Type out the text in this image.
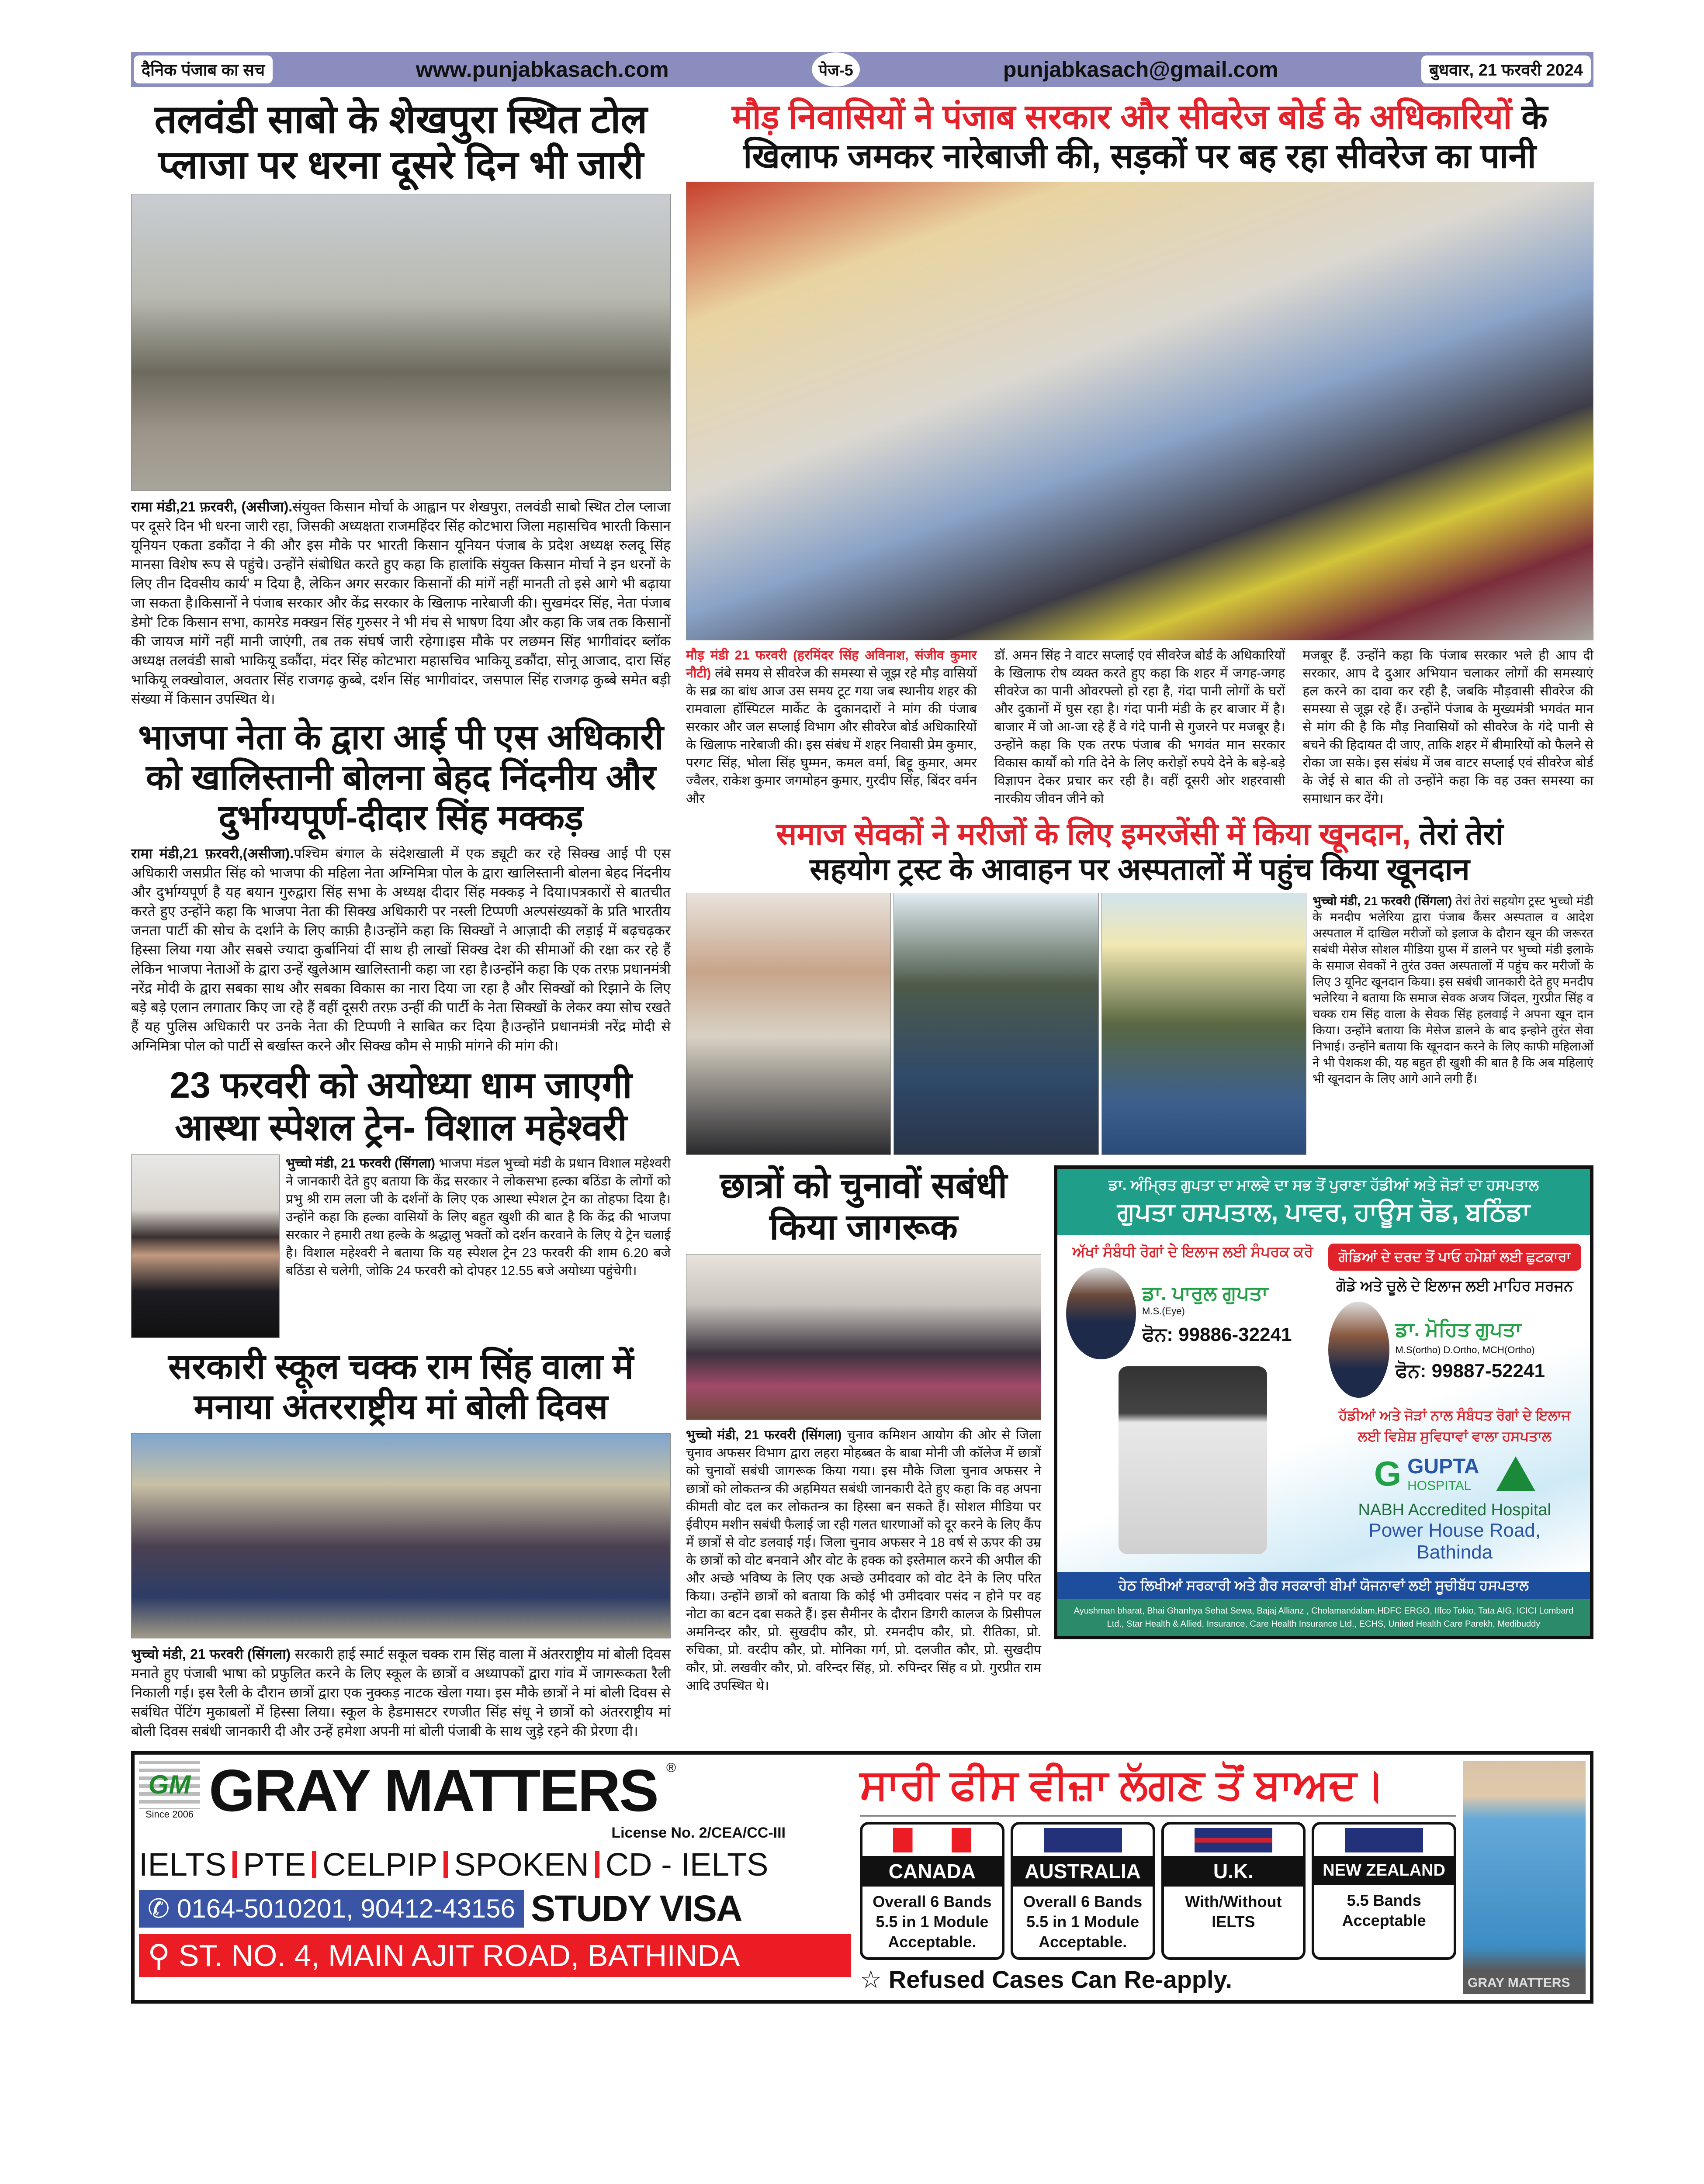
दैनिक पंजाब का सच	www.punjabkasach.com	पेज-5	punjabkasach@gmail.com	बुधवार, 21 फरवरी 2024
तलवंडी साबो के शेखपुरा स्थित टोल प्लाजा पर धरना दूसरे दिन भी जारी
रामा मंडी,21 फ़रवरी, (असीजा).संयुक्त किसान मोर्चा के आह्वान पर शेखपुरा, तलवंडी साबो स्थित टोल प्लाजा पर दूसरे दिन भी धरना जारी रहा, जिसकी अध्यक्षता राजमहिंदर सिंह कोटभारा जिला महासचिव भारती किसान यूनियन एकता डकौंदा ने की और इस मौके पर भारती किसान यूनियन पंजाब के प्रदेश अध्यक्ष रुलदू सिंह मानसा विशेष रूप से पहुंचे। उन्होंने संबोधित करते हुए कहा कि हालांकि संयुक्त किसान मोर्चा ने इन धरनों के लिए तीन दिवसीय कार्य' म दिया है, लेकिन अगर सरकार किसानों की मांगें नहीं मानती तो इसे आगे भी बढ़ाया जा सकता है।किसानों ने पंजाब सरकार और केंद्र सरकार के खिलाफ नारेबाजी की। सुखमंदर सिंह, नेता पंजाब डेमो' टिक किसान सभा, कामरेड मक्खन सिंह गुरुसर ने भी मंच से भाषण दिया और कहा कि जब तक किसानों की जायज मांगें नहीं मानी जाएंगी, तब तक संघर्ष जारी रहेगा।इस मौके पर लछमन सिंह भागीवांदर ब्लॉक अध्यक्ष तलवंडी साबो भाकियू डकौंदा, मंदर सिंह कोटभारा महासचिव भाकियू डकौंदा, सोनू आजाद, दारा सिंह भाकियू लक्खोवाल, अवतार सिंह राजगढ़ कुब्बे, दर्शन सिंह भागीवांदर, जसपाल सिंह राजगढ़ कुब्बे समेत बड़ी संख्या में किसान उपस्थित थे।
भाजपा नेता के द्वारा आई पी एस अधिकारी को खालिस्तानी बोलना बेहद निंदनीय और दुर्भाग्यपूर्ण-दीदार सिंह मक्कड़
रामा मंडी,21 फ़रवरी,(असीजा).पश्चिम बंगाल के संदेशखाली में एक ड्यूटी कर रहे सिक्ख आई पी एस अधिकारी जसप्रीत सिंह को भाजपा की महिला नेता अग्निमित्रा पोल के द्वारा खालिस्तानी बोलना बेहद निंदनीय और दुर्भाग्यपूर्ण है यह बयान गुरुद्वारा सिंह सभा के अध्यक्ष दीदार सिंह मक्कड़ ने दिया।पत्रकारों से बातचीत करते हुए उन्होंने कहा कि भाजपा नेता की सिक्ख अधिकारी पर नस्ली टिप्पणी अल्पसंख्यकों के प्रति भारतीय जनता पार्टी की सोच के दर्शाने के लिए काफ़ी है।उन्होंने कहा कि सिक्खों ने आज़ादी की लड़ाई में बढ़चढ़कर हिस्सा लिया गया और सबसे ज्यादा कुर्बानियां दीं साथ ही लाखों सिक्ख देश की सीमाओं की रक्षा कर रहे हैं लेकिन भाजपा नेताओं के द्वारा उन्हें खुलेआम खालिस्तानी कहा जा रहा है।उन्होंने कहा कि एक तरफ़ प्रधानमंत्री नरेंद्र मोदी के द्वारा सबका साथ और सबका विकास का नारा दिया जा रहा है और सिक्खों को रिझाने के लिए बड़े बड़े एलान लगातार किए जा रहे हैं वहीं दूसरी तरफ़ उन्हीं की पार्टी के नेता सिक्खों के लेकर क्या सोच रखते हैं यह पुलिस अधिकारी पर उनके नेता की टिप्पणी ने साबित कर दिया है।उन्होंने प्रधानमंत्री नरेंद्र मोदी से अग्निमित्रा पोल को पार्टी से बर्खास्त करने और सिक्ख कौम से माफ़ी मांगने की मांग की।
23 फरवरी को अयोध्या धाम जाएगी आस्था स्पेशल ट्रेन- विशाल महेश्वरी
भुच्चो मंडी, 21 फरवरी (सिंगला) भाजपा मंडल भुच्चो मंडी के प्रधान विशाल महेश्वरी ने जानकारी देते हुए बताया कि केंद्र सरकार ने लोकसभा हल्का बठिंडा के लोगों को प्रभु श्री राम लला जी के दर्शनों के लिए एक आस्था स्पेशल ट्रेन का तोहफा दिया है। उन्होंने कहा कि हल्का वासियों के लिए बहुत खुशी की बात है कि केंद्र की भाजपा सरकार ने हमारी तथा हल्के के श्रद्धालु भक्तों को दर्शन करवाने के लिए ये ट्रेन चलाई है। विशाल महेश्वरी ने बताया कि यह स्पेशल ट्रेन 23 फरवरी की शाम 6.20 बजे बठिंडा से चलेगी, जोकि 24 फरवरी को दोपहर 12.55 बजे अयोध्या पहुंचेगी।
सरकारी स्कूल चक्क राम सिंह वाला में मनाया अंतरराष्ट्रीय मां बोली दिवस
भुच्चो मंडी, 21 फरवरी (सिंगला) सरकारी हाई स्मार्ट सकूल चक्क राम सिंह वाला में अंतरराष्ट्रीय मां बोली दिवस मनाते हुए पंजाबी भाषा को प्रफुलित करने के लिए स्कूल के छात्रों व अध्यापकों द्वारा गांव में जागरूकता रैली निकाली गई। इस रैली के दौरान छात्रों द्वारा एक नुक्कड़ नाटक खेला गया। इस मौके छात्रों ने मां बोली दिवस से सबंधित पेंटिंग मुकाबलों में हिस्सा लिया। स्कूल के हैडमासटर रणजीत सिंह संधू ने छात्रों को अंतरराष्ट्रीय मां बोली दिवस सबंधी जानकारी दी और उन्हें हमेशा अपनी मां बोली पंजाबी के साथ जुड़े रहने की प्रेरणा दी।
मौड़ निवासियों ने पंजाब सरकार और सीवरेज बोर्ड के अधिकारियों के
खिलाफ जमकर नारेबाजी की, सड़कों पर बह रहा सीवरेज का पानी
मौड़ मंडी 21 फरवरी (हरमिंदर सिंह अविनाश, संजीव कुमार नौटी) लंबे समय से सीवरेज की समस्या से जूझ रहे मौड़ वासियों के सब्र का बांध आज उस समय टूट गया जब स्थानीय शहर की रामवाला हॉस्पिटल मार्केट के दुकानदारों ने मांग की पंजाब सरकार और जल सप्लाई विभाग और सीवरेज बोर्ड अधिकारियों के खिलाफ नारेबाजी की। इस संबंध में शहर निवासी प्रेम कुमार, परगट सिंह, भोला सिंह घुम्मन, कमल वर्मा, बिट्टू कुमार, अमर ज्वैलर, राकेश कुमार जगमोहन कुमार, गुरदीप सिंह, बिंदर वर्मन और
डॉ. अमन सिंह ने वाटर सप्लाई एवं सीवरेज बोर्ड के अधिकारियों के खिलाफ रोष व्यक्त करते हुए कहा कि शहर में जगह-जगह सीवरेज का पानी ओवरफ्लो हो रहा है, गंदा पानी लोगों के घरों और दुकानों में घुस रहा है। गंदा पानी मंडी के हर बाजार में है। बाजार में जो आ-जा रहे हैं वे गंदे पानी से गुजरने पर मजबूर है। उन्होंने कहा कि एक तरफ पंजाब की भगवंत मान सरकार विकास कार्यों को गति देने के लिए करोड़ों रुपये देने के बड़े-बड़े विज्ञापन देकर प्रचार कर रही है। वहीं दूसरी ओर शहरवासी नारकीय जीवन जीने को
मजबूर हैं. उन्होंने कहा कि पंजाब सरकार भले ही आप दी सरकार, आप दे दुआर अभियान चलाकर लोगों की समस्याएं हल करने का दावा कर रही है, जबकि मौड़वासी सीवरेज की समस्या से जूझ रहे हैं। उन्होंने पंजाब के मुख्यमंत्री भगवंत मान से मांग की है कि मौड़ निवासियों को सीवरेज के गंदे पानी से बचने की हिदायत दी जाए, ताकि शहर में बीमारियों को फैलने से रोका जा सके। इस संबंध में जब वाटर सप्लाई एवं सीवरेज बोर्ड के जेई से बात की तो उन्होंने कहा कि वह उक्त समस्या का समाधान कर देंगे।
समाज सेवकों ने मरीजों के लिए इमरजेंसी में किया खूनदान, तेरां तेरां
सहयोग ट्रस्ट के आवाहन पर अस्पतालों में पहुंच किया खूनदान
भुच्चो मंडी, 21 फरवरी (सिंगला) तेरां तेरां सहयोग ट्रस्ट भुच्चो मंडी के मनदीप भलेरिया द्वारा पंजाब कैंसर अस्पताल व आदेश अस्पताल में दाखिल मरीजों को इलाज के दौरान खून की जरूरत सबंधी मेसेज सोशल मीडिया ग्रुप्स में डालने पर भुच्चो मंडी इलाके के समाज सेवकों ने तुरंत उक्त अस्पतालों में पहुंच कर मरीजों के लिए 3 यूनिट खूनदान किया। इस सबंधी जानकारी देते हुए मनदीप भलेरिया ने बताया कि समाज सेवक अजय जिंदल, गुरप्रीत सिंह व चक्क राम सिंह वाला के सेवक सिंह हलवाई ने अपना खून दान किया। उन्होंने बताया कि मेसेज डालने के बाद इन्होने तुरंत सेवा निभाई। उन्होंने बताया कि खूनदान करने के लिए काफी महिलाओं ने भी पेशकश की, यह बहुत ही खुशी की बात है कि अब महिलाएं भी खूनदान के लिए आगे आने लगी हैं।
छात्रों को चुनावों सबंधी किया जागरूक
भुच्चो मंडी, 21 फरवरी (सिंगला) चुनाव कमिशन आयोग की ओर से जिला चुनाव अफसर विभाग द्वारा लहरा मोहब्बत के बाबा मोनी जी कॉलेज में छात्रों को चुनावों सबंधी जागरूक किया गया। इस मौके जिला चुनाव अफसर ने छात्रों को लोकतन्त्र की अहमियत सबंधी जानकारी देते हुए कहा कि वह अपना कीमती वोट दल कर लोकतन्त्र का हिस्सा बन सकते हैं। सोशल मीडिया पर ईवीएम मशीन सबंधी फैलाई जा रही गलत धारणाओं को दूर करने के लिए कैंप में छात्रों से वोट डलवाई गई। जिला चुनाव अफसर ने 18 वर्ष से ऊपर की उम्र के छात्रों को वोट बनवाने और वोट के हक्क को इस्तेमाल करने की अपील की और अच्छे भविष्य के लिए एक अच्छे उमीदवार को वोट देने के लिए परित किया। उन्होंने छात्रों को बताया कि कोई भी उमीदवार पसंद न होने पर वह नोटा का बटन दबा सकते हैं। इस सैमीनर के दौरान डिगरी कालज के प्रिसीपल अमनिन्दर कौर, प्रो. सुखदीप कौर, प्रो. रमनदीप कौर, प्रो. रीतिका, प्रो. रुचिका, प्रो. वरदीप कौर, प्रो. मोनिका गर्ग, प्रो. दलजीत कौर, प्रो. सुखदीप कौर, प्रो. लखवीर कौर, प्रो. वरिन्दर सिंह, प्रो. रुपिन्दर सिंह व प्रो. गुरप्रीत राम आदि उपस्थित थे।
ਡਾ. ਅੰਮ੍ਰਿਤ ਗੁਪਤਾ ਦਾ ਮਾਲਵੇ ਦਾ ਸਭ ਤੋਂ ਪੁਰਾਣਾ ਹੱਡੀਆਂ ਅਤੇ ਜੋੜਾਂ ਦਾ ਹਸਪਤਾਲ
ਗੁਪਤਾ ਹਸਪਤਾਲ, ਪਾਵਰ, ਹਾਊਸ ਰੋਡ, ਬਠਿੰਡਾ
ਅੱਖਾਂ ਸੰਬੰਧੀ ਰੋਗਾਂ ਦੇ ਇਲਾਜ ਲਈ ਸੰਪਰਕ ਕਰੋ
ਡਾ. ਪਾਰੁਲ ਗੁਪਤਾ
M.S.(Eye)
ਫੋਨ: 99886-32241
ਗੋਡਿਆਂ ਦੇ ਦਰਦ ਤੋਂ ਪਾਓ ਹਮੇਸ਼ਾਂ ਲਈ ਛੁਟਕਾਰਾ
ਗੋਡੇ ਅਤੇ ਚੂਲੇ ਦੇ ਇਲਾਜ ਲਈ ਮਾਹਿਰ ਸਰਜਨ
ਡਾ. ਮੋਹਿਤ ਗੁਪਤਾ
M.S(ortho) D.Ortho, MCH(Ortho)
ਫੋਨ: 99887-52241
ਹੱਡੀਆਂ ਅਤੇ ਜੋੜਾਂ ਨਾਲ ਸੰਬੰਧਤ ਰੋਗਾਂ ਦੇ ਇਲਾਜ ਲਈ ਵਿਸ਼ੇਸ਼ ਸੁਵਿਧਾਵਾਂ ਵਾਲਾ ਹਸਪਤਾਲ
G GUPTA
HOSPITAL
NABH Accredited Hospital
Power House Road, Bathinda
ਹੇਠ ਲਿਖੀਆਂ ਸਰਕਾਰੀ ਅਤੇ ਗੈਰ ਸਰਕਾਰੀ ਬੀਮਾਂ ਯੋਜਨਾਵਾਂ ਲਈ ਸੂਚੀਬੱਧ ਹਸਪਤਾਲ
Ayushman bharat, Bhai Ghanhya Sehat Sewa, Bajaj Allianz , Cholamandalam,HDFC ERGO, Iffco Tokio, Tata AIG, ICICI Lombard Ltd., Star Health & Allied, Insurance, Care Health Insurance Ltd., ECHS, United Health Care Parekh, Medibuddy
GM
Since 2006 GRAY MATTERS ®
License No. 2/CEA/CC-III
IELTS PTE CELPIP SPOKEN CD - IELTS
✆ 0164-5010201, 90412-43156 STUDY VISA
⚲ ST. NO. 4, MAIN AJIT ROAD, BATHINDA
ਸਾਰੀ ਫੀਸ ਵੀਜ਼ਾ ਲੱਗਣ ਤੋਂ ਬਾਅਦ।
CANADA
Overall 6 Bands 5.5 in 1 Module Acceptable.
AUSTRALIA
Overall 6 Bands 5.5 in 1 Module Acceptable.
U.K.
With/Without IELTS
NEW ZEALAND
5.5 Bands Acceptable
☆ Refused Cases Can Re-apply.	GRAY MATTERS
